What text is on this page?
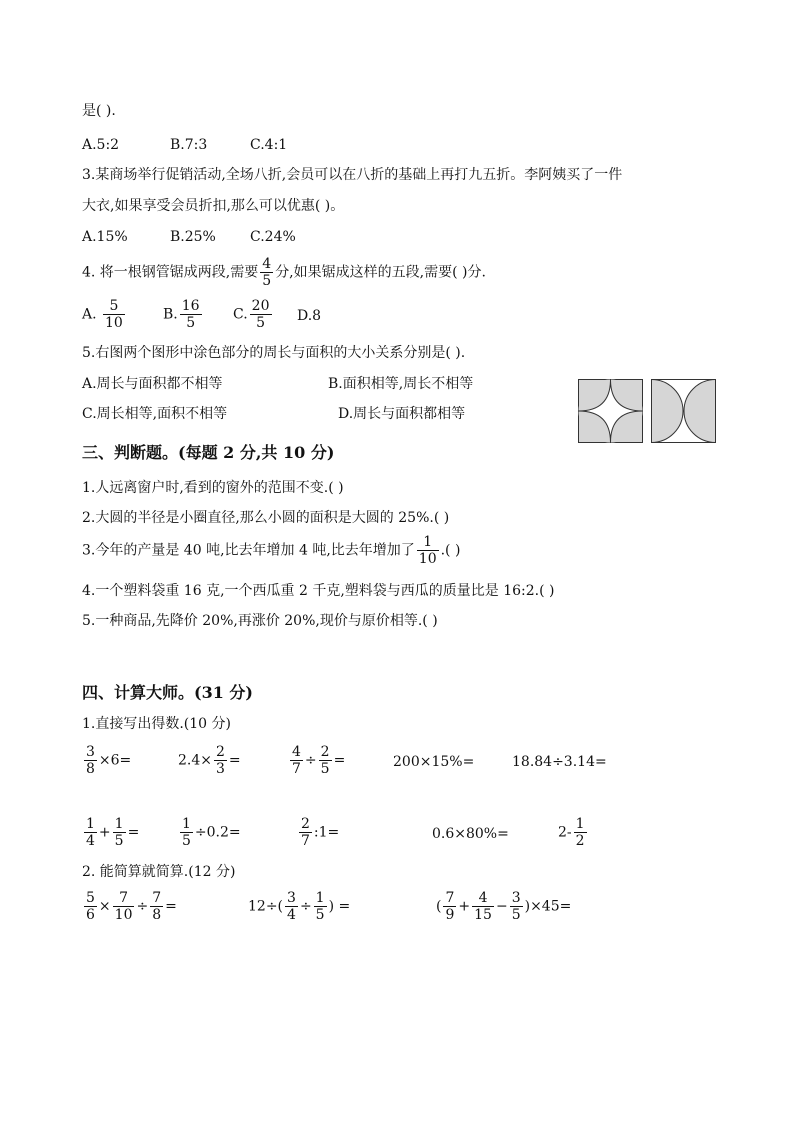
是( ).
A.5:2	B.7:3	C.4:1
3.某商场举行促销活动,全场八折,会员可以在八折的基础上再打九五折。李阿姨买了一件
大衣,如果享受会员折扣,那么可以优惠( )。
A.15%	B.25% C.24%
4. 将一根钢管锯成两段,需要 $\frac{4}{5}$ 分,如果锯成这样的五段,需要( )分.
A. $\frac{5}{10}$	B. $\frac{16}{5} C$. $\frac{20}{5} D.8$
5.右图两个图形中涂色部分的周长与面积的大小关系分别是( ).
A.周长与面积都不相等	B.面积相等,周长不相等
C.周长相等,面积不相等	D.周长与面积都相等
三、判断题。(每题 2 分,共 10 分)
1.人远离窗户时,看到的窗外的范围不变.( )
2.大圆的半径是小圈直径,那么小圆的面积是大圆的 25%.( )
3.今年的产量是 40 吨,比去年增加 4 吨,比去年增加了 $\frac{1}{10}$ .( )
4.一个塑料袋重 16 克,一个西瓜重 2 千克,塑料袋与西瓜的质量比是 16:2.( )
5.一种商品,先降价 20%,再涨价 20%,现价与原价相等.( )
四、计算大师。(31 分)
1.直接写出得数.(10 分)
$\frac{3}{8} \times 6=$	$2.4\times \frac{2}{3}$ =	$\frac{4}{7} \div \frac{2}{5}$ =	200×15%=	18.84÷3.14=
$\frac{1}{4} + \frac{1}{5}$ =	$\frac{1}{5} \div 0.2=$	$\frac{2}{7}$ :1=	0.6×80%=	$2- \frac{1}{2}$
2. 能简算就简算.(12 分)
$\frac{5}{6} \times \frac{7}{10} \div \frac{7}{8}$ =	$12\div( \frac{3}{4} \div \frac{1}{5}$ ) =	( $\frac{7}{9} + \frac{4}{15} - \frac{3}{5} )\times 45=$
